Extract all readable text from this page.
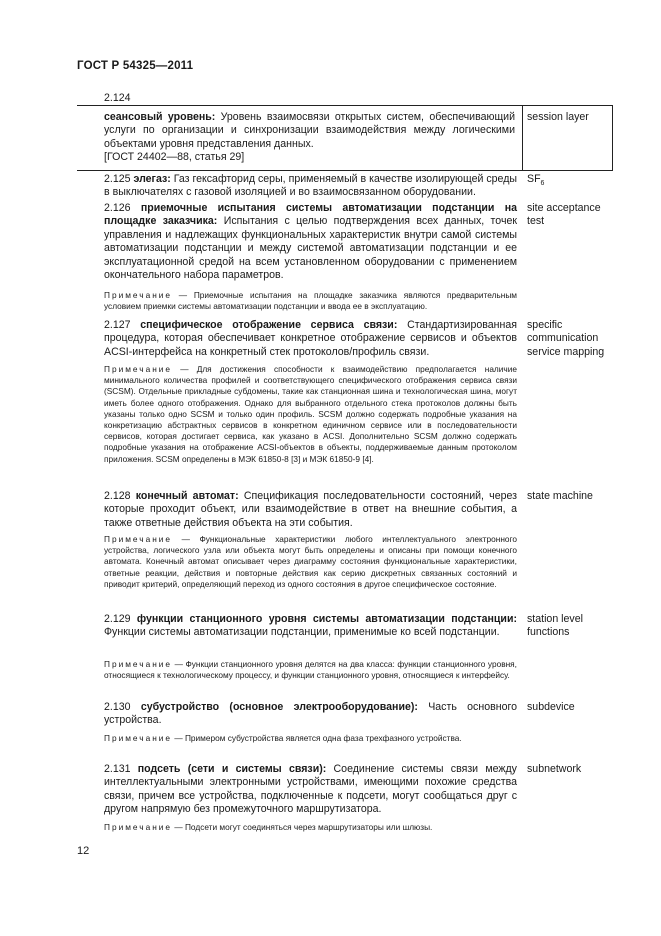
ГОСТ Р 54325—2011
2.124
сеансовый уровень: Уровень взаимосвязи открытых систем, обеспечивающий услуги по организации и синхронизации взаимодействия между логическими объектами уровня представления данных.
[ГОСТ 24402—88, статья 29]
session layer
2.125 элегаз: Газ гексафторид серы, применяемый в качестве изолирующей среды в выключателях с газовой изоляцией и во взаимосвязанном оборудовании.
$SF_6$
2.126 приемочные испытания системы автоматизации подстанции на площадке заказчика: Испытания с целью подтверждения всех данных, точек управления и надлежащих функциональных характеристик внутри самой системы автоматизации подстанции и между системой автоматизации подстанции и ее эксплуатационной средой на всем установленном оборудовании с применением окончательного набора параметров.
site acceptance test
Примечание — Приемочные испытания на площадке заказчика являются предварительным условием приемки системы автоматизации подстанции и ввода ее в эксплуатацию.
2.127 специфическое отображение сервиса связи: Стандартизированная процедура, которая обеспечивает конкретное отображение сервисов и объектов ACSI-интерфейса на конкретный стек протоколов/профиль связи.
specific communication service mapping
Примечание — Для достижения способности к взаимодействию предполагается наличие минимального количества профилей и соответствующего специфического отображения сервиса связи (SCSM). Отдельные прикладные субдомены, такие как станционная шина и технологическая шина, могут иметь более одного отображения. Однако для выбранного отдельного стека протоколов должны быть указаны только одно SCSM и только один профиль. SCSM должно содержать подробные указания на конкретизацию абстрактных сервисов в конкретном единичном сервисе или в последовательности сервисов, которая достигает сервиса, как указано в ACSI. Дополнительно SCSM должно содержать подробные указания на отображение ACSI-объектов в объекты, поддерживаемые данным протоколом приложения. SCSM определены в МЭК 61850-8 [3] и МЭК 61850-9 [4].
2.128 конечный автомат: Спецификация последовательности состояний, через которые проходит объект, или взаимодействие в ответ на внешние события, а также ответные действия объекта на эти события.
state machine
Примечание — Функциональные характеристики любого интеллектуального электронного устройства, логического узла или объекта могут быть определены и описаны при помощи конечного автомата. Конечный автомат описывает через диаграмму состояния функциональные характеристики, ответные реакции, действия и повторные действия как серию дискретных связанных состояний и приводит критерий, определяющий переход из одного состояния в другое специфическое состояние.
2.129 функции станционного уровня системы автоматизации подстанции: Функции системы автоматизации подстанции, применимые ко всей подстанции.
station level functions
Примечание — Функции станционного уровня делятся на два класса: функции станционного уровня, относящиеся к технологическому процессу, и функции станционного уровня, относящиеся к интерфейсу.
2.130 субустройство (основное электрооборудование): Часть основного устройства.
subdevice
Примечание — Примером субустройства является одна фаза трехфазного устройства.
2.131 подсеть (сети и системы связи): Соединение системы связи между интеллектуальными электронными устройствами, имеющими похожие средства связи, причем все устройства, подключенные к подсети, могут сообщаться друг с другом напрямую без промежуточного маршрутизатора.
subnetwork
Примечание — Подсети могут соединяться через маршрутизаторы или шлюзы.
12
